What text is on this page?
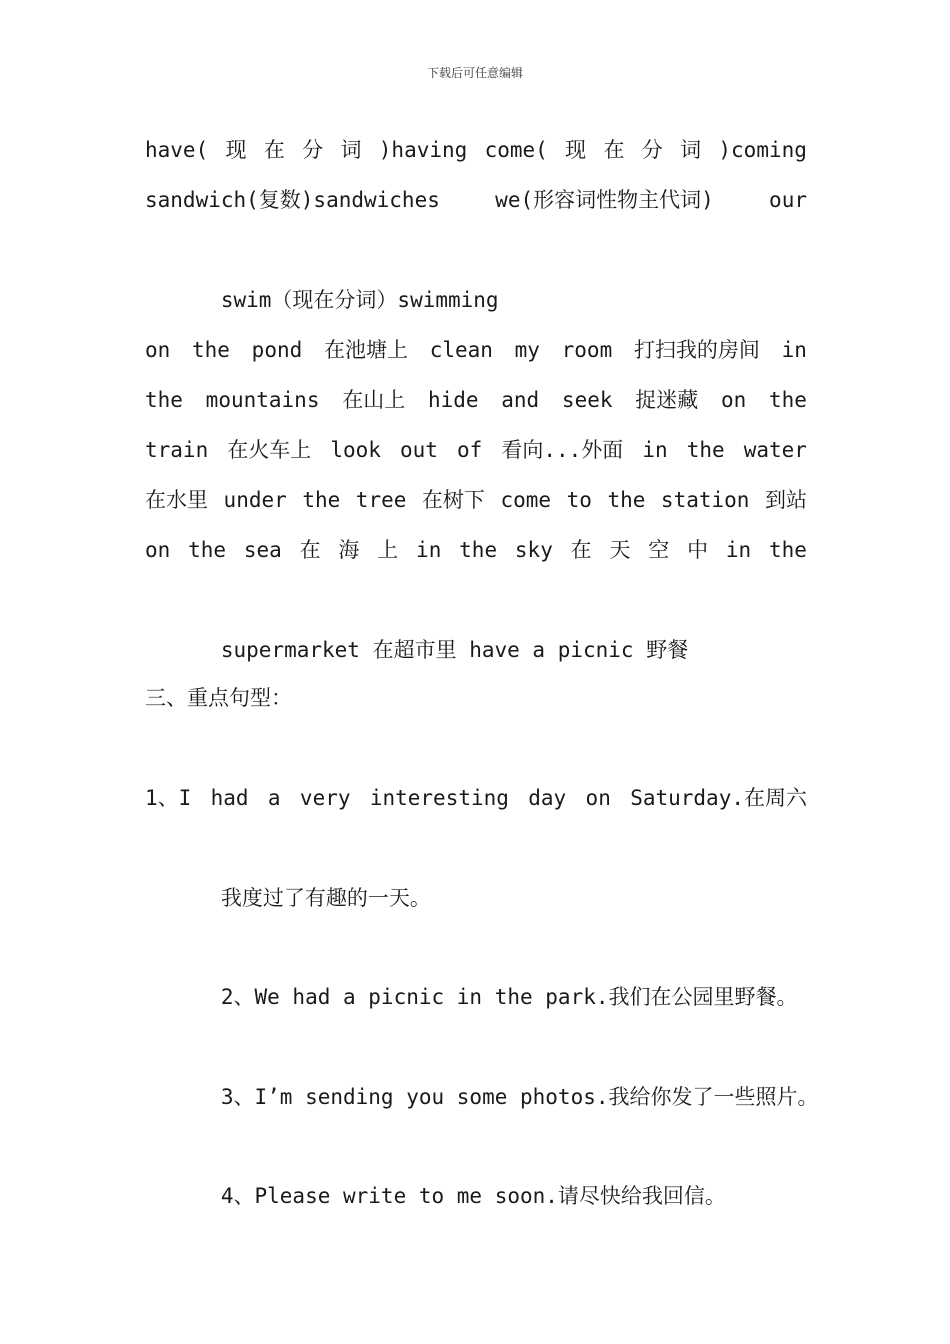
下载后可任意编辑
have( 现 在 分 词 )having come( 现 在 分 词 )coming
sandwich(复数)sandwiches	we(形容词性物主代词)	our

swim（现在分词）swimming

on the pond 在池塘上 clean my room 打扫我的房间 in
the mountains 在山上 hide and seek 捉迷藏 on the
train 在火车上 look out of 看向...外面 in the water
在水里 under the tree 在树下 come to the station 到站
on the sea 在 海 上 in the sky 在 天 空 中 in the

supermarket 在超市里 have a picnic 野餐

三、重点句型：
1、I had a very interesting day on Saturday.在周六

我度过了有趣的一天。

2、We had a picnic in the park.我们在公园里野餐。

3、I’m sending you some photos.我给你发了一些照片。

4、Please write to me soon.请尽快给我回信。
